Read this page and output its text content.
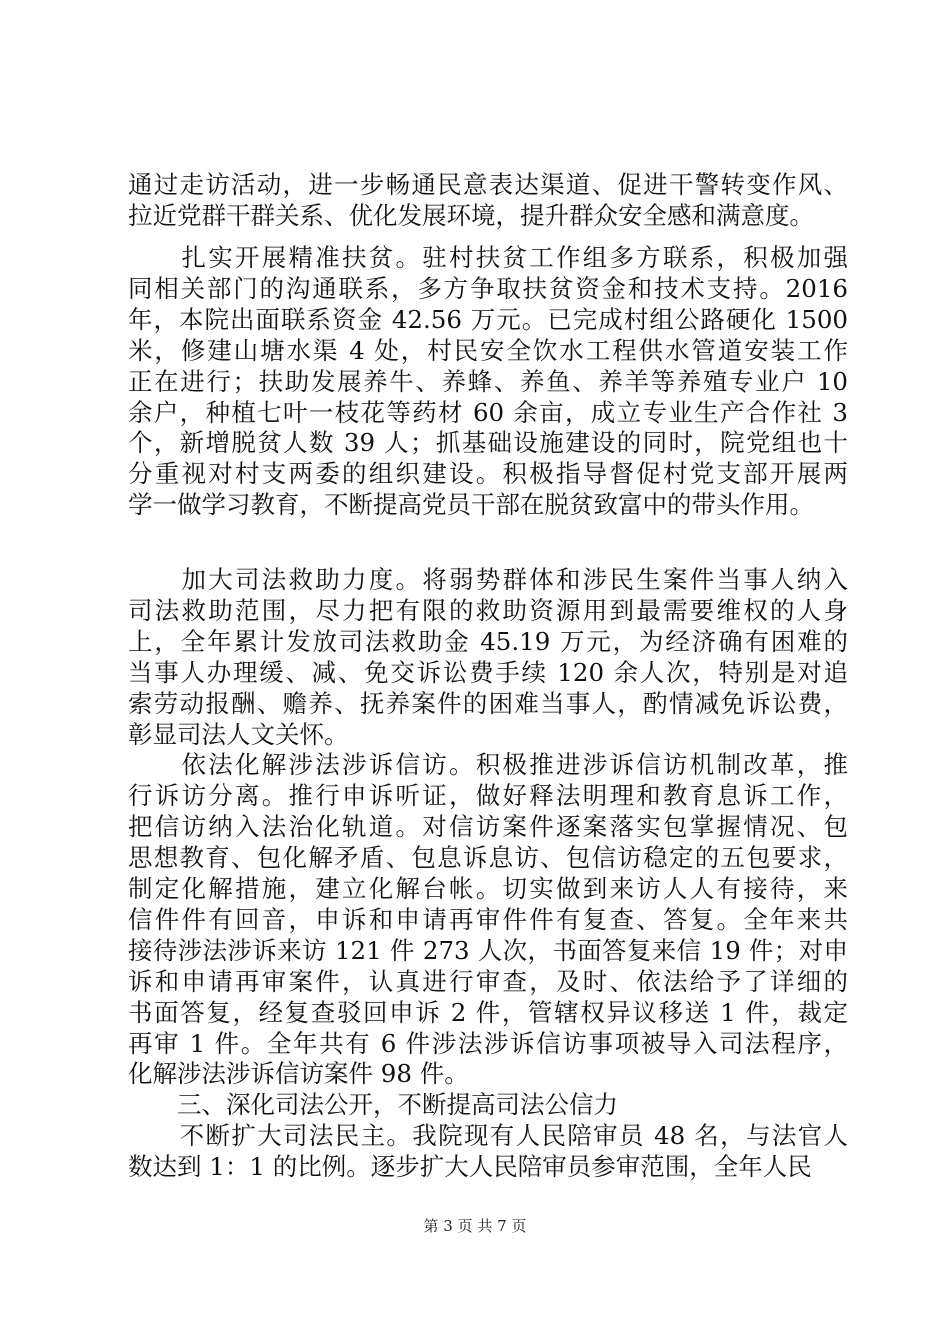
通过走访活动，进一步畅通民意表达渠道、促进干警转变作风、
拉近党群干群关系、优化发展环境，提升群众安全感和满意度。
　　扎实开展精准扶贫。驻村扶贫工作组多方联系，积极加强
同相关部门的沟通联系，多方争取扶贫资金和技术支持。2016
年，本院出面联系资金 42.56 万元。已完成村组公路硬化 1500
米，修建山塘水渠 4 处，村民安全饮水工程供水管道安装工作
正在进行；扶助发展养牛、养蜂、养鱼、养羊等养殖专业户 10
余户，种植七叶一枝花等药材 60 余亩，成立专业生产合作社 3
个，新增脱贫人数 39 人；抓基础设施建设的同时，院党组也十
分重视对村支两委的组织建设。积极指导督促村党支部开展两
学一做学习教育，不断提高党员干部在脱贫致富中的带头作用。
　　加大司法救助力度。将弱势群体和涉民生案件当事人纳入
司法救助范围，尽力把有限的救助资源用到最需要维权的人身
上，全年累计发放司法救助金 45.19 万元，为经济确有困难的
当事人办理缓、减、免交诉讼费手续 120 余人次，特别是对追
索劳动报酬、赡养、抚养案件的困难当事人，酌情减免诉讼费，
彰显司法人文关怀。
　　依法化解涉法涉诉信访。积极推进涉诉信访机制改革，推
行诉访分离。推行申诉听证，做好释法明理和教育息诉工作，
把信访纳入法治化轨道。对信访案件逐案落实包掌握情况、包
思想教育、包化解矛盾、包息诉息访、包信访稳定的五包要求，
制定化解措施，建立化解台帐。切实做到来访人人有接待，来
信件件有回音，申诉和申请再审件件有复查、答复。全年来共
接待涉法涉诉来访 121 件 273 人次，书面答复来信 19 件；对申
诉和申请再审案件，认真进行审查，及时、依法给予了详细的
书面答复，经复查驳回申诉 2 件，管辖权异议移送 1 件，裁定
再审 1 件。全年共有 6 件涉法涉诉信访事项被导入司法程序，
化解涉法涉诉信访案件 98 件。
　　三、深化司法公开，不断提高司法公信力
　　不断扩大司法民主。我院现有人民陪审员 48 名，与法官人
数达到 1：1 的比例。逐步扩大人民陪审员参审范围，全年人民
第 3 页 共 7 页
